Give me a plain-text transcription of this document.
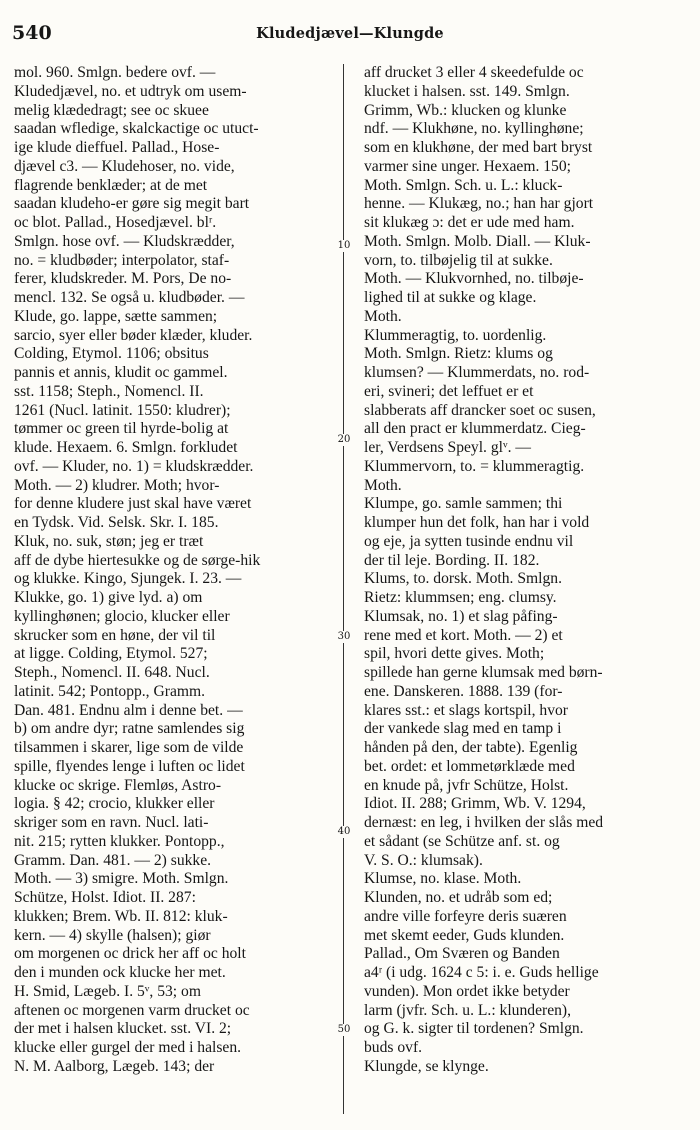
540	Kludedjævel—Klungde
mol. 960. Smlgn. bedere ovf. —
Kludedjævel, no. et udtryk om usem-
melig klædedragt; see oc skuee
saadan wfledige, skalckactige oc utuct-
ige klude dieffuel. Pallad., Hose-
djævel c3. — Kludehoser, no. vide,
flagrende benklæder; at de met
saadan kludeho-er gøre sig megit bart
oc blot. Pallad., Hosedjævel. blʳ.
Smlgn. hose ovf. — Kludskrædder,
no. = kludbøder; interpolator, staf-
ferer, kludskreder. M. Pors, De no-
mencl. 132. Se også u. kludbøder. —
Klude, go. lappe, sætte sammen;
sarcio, syer eller bøder klæder, kluder.
Colding, Etymol. 1106; obsitus
pannis et annis, kludit oc gammel.
sst. 1158; Steph., Nomencl. II.
1261 (Nucl. latinit. 1550: kludrer);
tømmer oc green til hyrde-bolig at
klude. Hexaem. 6. Smlgn. forkludet
ovf. — Kluder, no. 1) = kludskrædder.
Moth. — 2) kludrer. Moth; hvor-
for denne kludere just skal have været
en Tydsk. Vid. Selsk. Skr. I. 185.
Kluk, no. suk, støn; jeg er træt
aff de dybe hiertesukke og de sørge-hik
og klukke. Kingo, Sjungek. I. 23. —
Klukke, go. 1) give lyd. a) om
kyllinghønen; glocio, klucker eller
skrucker som en høne, der vil til
at ligge. Colding, Etymol. 527;
Steph., Nomencl. II. 648. Nucl.
latinit. 542; Pontopp., Gramm.
Dan. 481. Endnu alm i denne bet. —
b) om andre dyr; ratne samlendes sig
tilsammen i skarer, lige som de vilde
spille, flyendes lenge i luften oc lidet
klucke oc skrige. Flemløs, Astro-
logia. § 42; crocio, klukker eller
skriger som en ravn. Nucl. lati-
nit. 215; rytten klukker. Pontopp.,
Gramm. Dan. 481. — 2) sukke.
Moth. — 3) smigre. Moth. Smlgn.
Schütze, Holst. Idiot. II. 287:
klukken; Brem. Wb. II. 812: kluk-
kern. — 4) skylle (halsen); giør
om morgenen oc drick her aff oc holt
den i munden ock klucke her met.
H. Smid, Lægeb. I. 5ᵛ, 53; om
aftenen oc morgenen varm drucket oc
der met i halsen klucket. sst. VI. 2;
klucke eller gurgel der med i halsen.
N. M. Aalborg, Lægeb. 143; der
aff drucket 3 eller 4 skeedefulde oc
klucket i halsen. sst. 149. Smlgn.
Grimm, Wb.: klucken og klunke
ndf. — Klukhøne, no. kyllinghøne;
som en klukhøne, der med bart bryst
varmer sine unger. Hexaem. 150;
Moth. Smlgn. Sch. u. L.: kluck-
henne. — Klukæg, no.; han har gjort
sit klukæg ɔ: det er ude med ham.
Moth. Smlgn. Molb. Diall. — Kluk-
vorn, to. tilbøjelig til at sukke.
Moth. — Klukvornhed, no. tilbøje-
lighed til at sukke og klage.
Moth.
Klummeragtig, to. uordenlig.
Moth. Smlgn. Rietz: klums og
klumsen? — Klummerdats, no. rod-
eri, svineri; det leffuet er et
slabberats aff drancker soet oc susen,
all den pract er klummerdatz. Cieg-
ler, Verdsens Speyl. glᵛ. —
Klummervorn, to. = klummeragtig.
Moth.
Klumpe, go. samle sammen; thi
klumper hun det folk, han har i vold
og eje, ja sytten tusinde endnu vil
der til leje. Bording. II. 182.
Klums, to. dorsk. Moth. Smlgn.
Rietz: klummsen; eng. clumsy.
Klumsak, no. 1) et slag påfing-
rene med et kort. Moth. — 2) et
spil, hvori dette gives. Moth;
spillede han gerne klumsak med børn-
ene. Danskeren. 1888. 139 (for-
klares sst.: et slags kortspil, hvor
der vankede slag med en tamp i
hånden på den, der tabte). Egenlig
bet. ordet: et lommetørklæde med
en knude på, jvfr Schütze, Holst.
Idiot. II. 288; Grimm, Wb. V. 1294,
dernæst: en leg, i hvilken der slås med
et sådant (se Schütze anf. st. og
V. S. O.: klumsak).
Klumse, no. klase. Moth.
Klunden, no. et udråb som ed;
andre ville forfeyre deris suæren
met skemt eeder, Guds klunden.
Pallad., Om Sværen og Banden
a4ʳ (i udg. 1624 c 5: i. e. Guds hellige
vunden). Mon ordet ikke betyder
larm (jvfr. Sch. u. L.: klunderen),
og G. k. sigter til tordenen? Smlgn.
buds ovf.
Klungde, se klynge.
10
20
30
40
50
